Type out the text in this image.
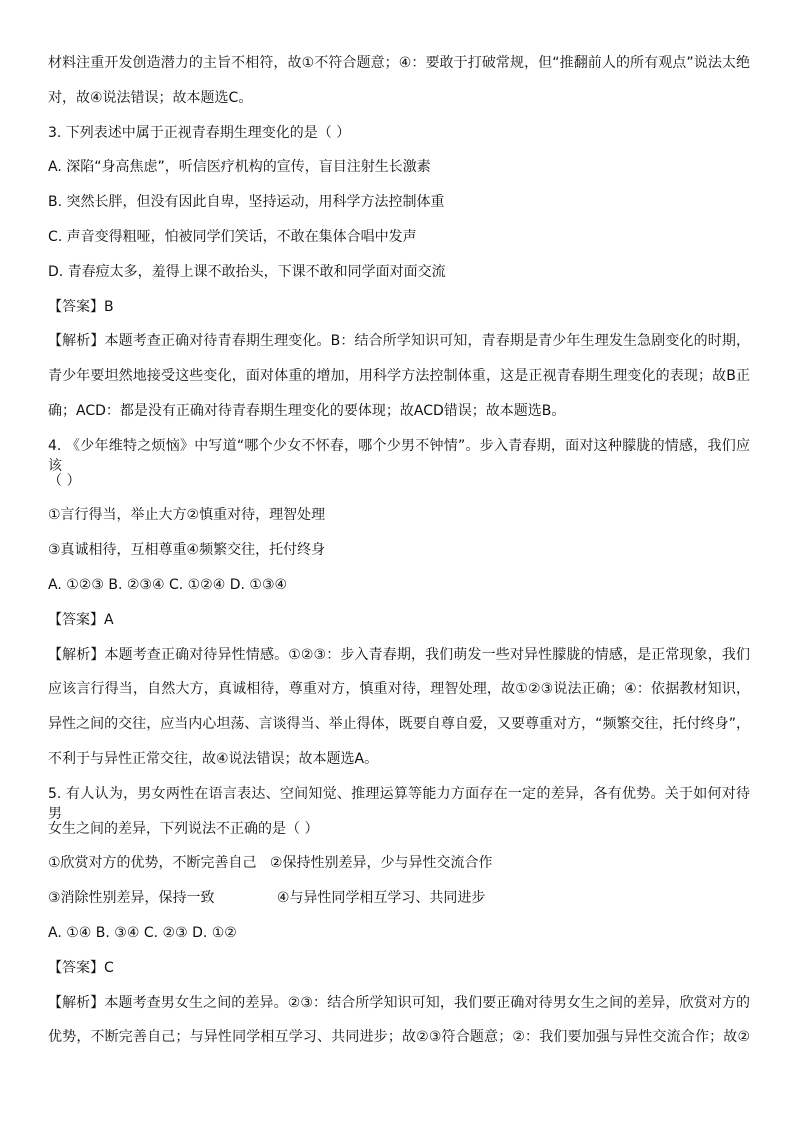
材料注重开发创造潜力的主旨不相符，故①不符合题意；④：要敢于打破常规，但“推翻前人的所有观点”说法太绝
对，故④说法错误；故本题选C。
3. 下列表述中属于正视青春期生理变化的是（ ）
A. 深陷“身高焦虑”，听信医疗机构的宣传，盲目注射生长激素
B. 突然长胖，但没有因此自卑，坚持运动，用科学方法控制体重
C. 声音变得粗哑，怕被同学们笑话，不敢在集体合唱中发声
D. 青春痘太多，羞得上课不敢抬头，下课不敢和同学面对面交流
【答案】B
【解析】本题考查正确对待青春期生理变化。B：结合所学知识可知，青春期是青少年生理发生急剧变化的时期，
青少年要坦然地接受这些变化，面对体重的增加，用科学方法控制体重，这是正视青春期生理变化的表现；故B正
确；ACD：都是没有正确对待青春期生理变化的要体现；故ACD错误；故本题选B。
4. 《少年维特之烦恼》中写道“哪个少女不怀春，哪个少男不钟情”。步入青春期，面对这种朦胧的情感，我们应该
（ ）
①言行得当，举止大方②慎重对待，理智处理
③真诚相待，互相尊重④频繁交往，托付终身
A. ①②③ B. ②③④ C. ①②④ D. ①③④
【答案】A
【解析】本题考查正确对待异性情感。①②③：步入青春期，我们萌发一些对异性朦胧的情感，是正常现象，我们
应该言行得当，自然大方，真诚相待，尊重对方，慎重对待，理智处理，故①②③说法正确；④：依据教材知识，
异性之间的交往，应当内心坦荡、言谈得当、举止得体，既要自尊自爱，又要尊重对方，“频繁交往，托付终身”，
不利于与异性正常交往，故④说法错误；故本题选A。
5. 有人认为，男女两性在语言表达、空间知觉、推理运算等能力方面存在一定的差异，各有优势。关于如何对待男
女生之间的差异，下列说法不正确的是（ ）
①欣赏对方的优势，不断完善自己   ②保持性别差异，少与异性交流合作
③消除性别差异，保持一致              ④与异性同学相互学习、共同进步
A. ①④ B. ③④ C. ②③ D. ①②
【答案】C
【解析】本题考查男女生之间的差异。②③：结合所学知识可知，我们要正确对待男女生之间的差异，欣赏对方的
优势，不断完善自己；与异性同学相互学习、共同进步；故②③符合题意；②：我们要加强与异性交流合作；故②
